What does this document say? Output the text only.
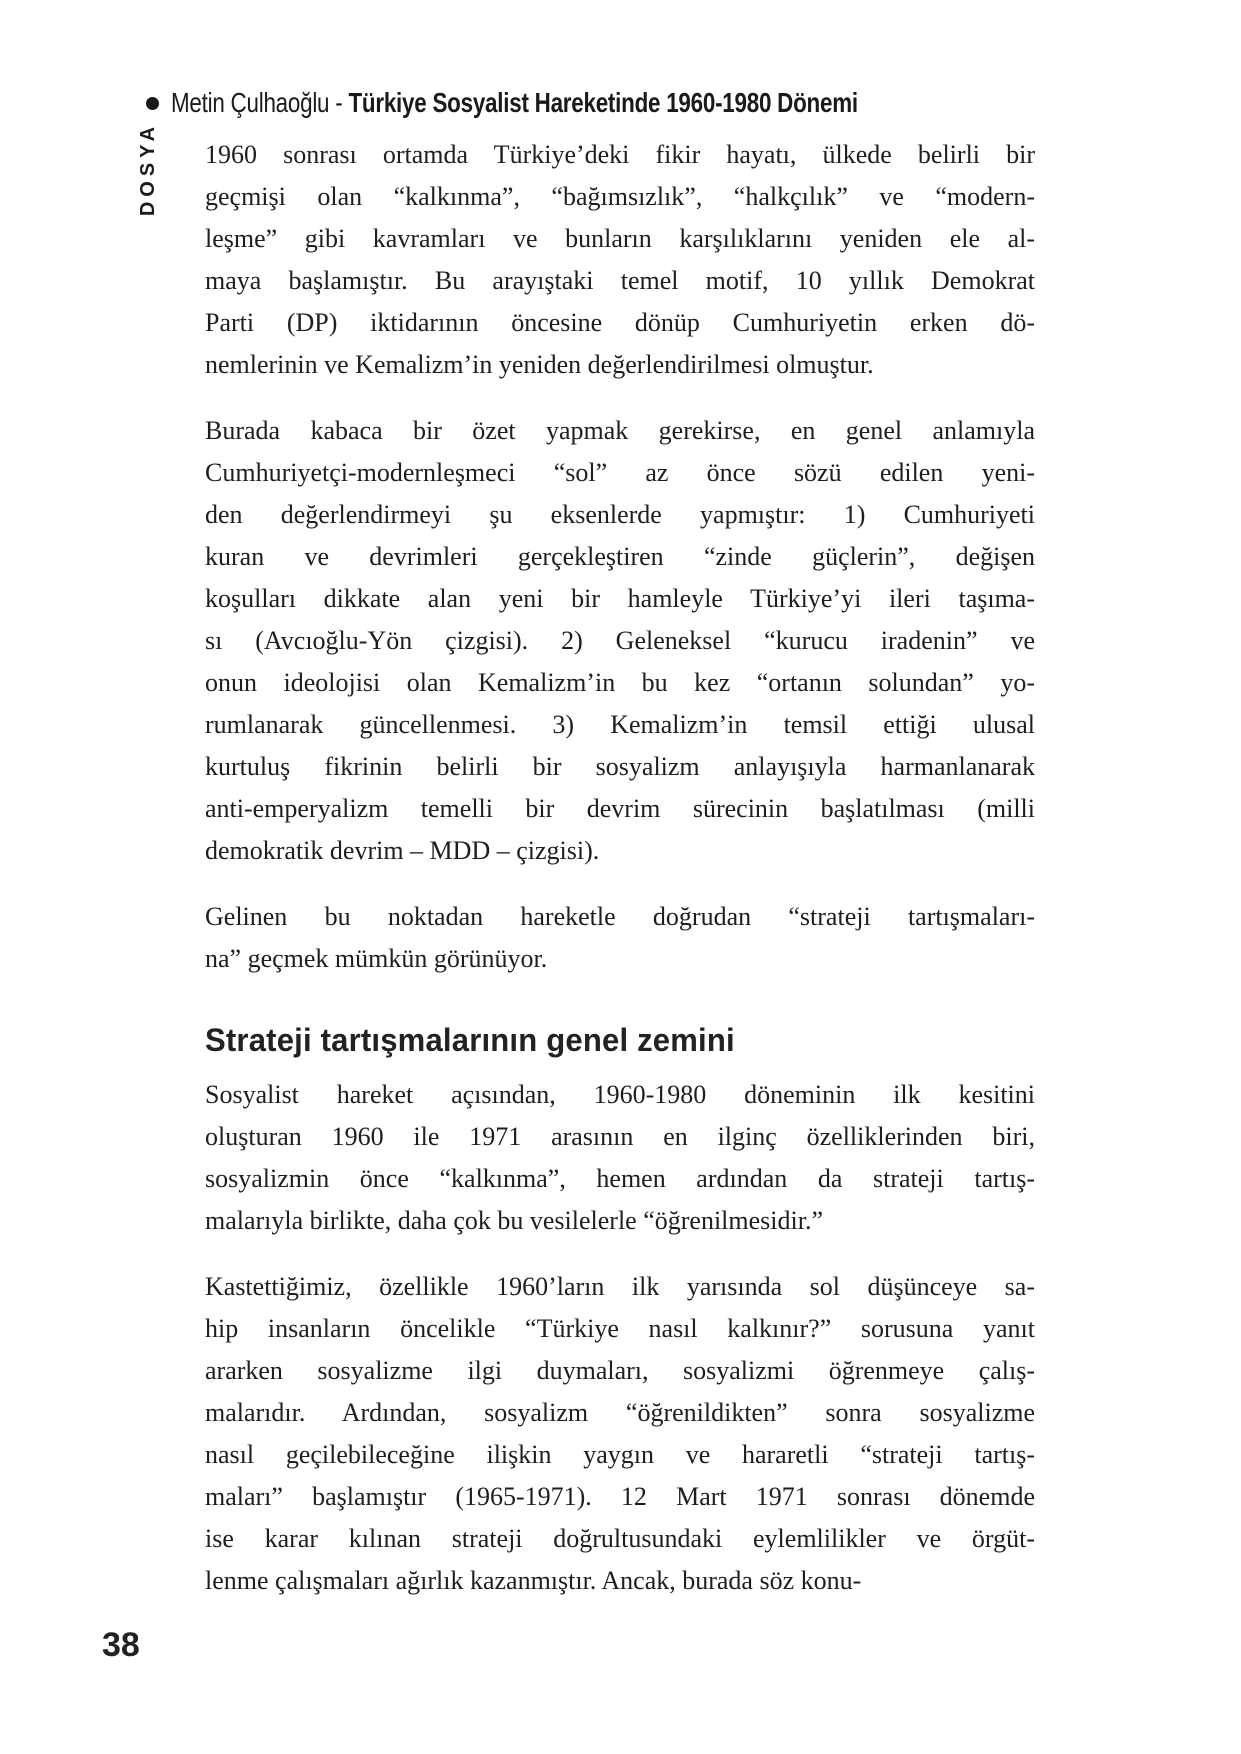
Metin Çulhaoğlu - Türkiye Sosyalist Hareketinde 1960-1980 Dönemi
DOSYA 1960 sonrası ortamda Türkiye’deki fikir hayatı, ülkede belirli bir
geçmişi olan “kalkınma”, “bağımsızlık”, “halkçılık” ve “modern-
leşme” gibi kavramları ve bunların karşılıklarını yeniden ele al-
maya başlamıştır. Bu arayıştaki temel motif, 10 yıllık Demokrat
Parti (DP) iktidarının öncesine dönüp Cumhuriyetin erken dö-
nemlerinin ve Kemalizm’in yeniden değerlendirilmesi olmuştur.
Burada kabaca bir özet yapmak gerekirse, en genel anlamıyla
Cumhuriyetçi-modernleşmeci “sol” az önce sözü edilen yeni-
den değerlendirmeyi şu eksenlerde yapmıştır: 1) Cumhuriyeti
kuran ve devrimleri gerçekleştiren “zinde güçlerin”, değişen
koşulları dikkate alan yeni bir hamleyle Türkiye’yi ileri taşıma-
sı (Avcıoğlu-Yön çizgisi). 2) Geleneksel “kurucu iradenin” ve
onun ideolojisi olan Kemalizm’in bu kez “ortanın solundan” yo-
rumlanarak güncellenmesi. 3) Kemalizm’in temsil ettiği ulusal
kurtuluş fikrinin belirli bir sosyalizm anlayışıyla harmanlanarak
anti-emperyalizm temelli bir devrim sürecinin başlatılması (milli
demokratik devrim – MDD – çizgisi).
Gelinen bu noktadan hareketle doğrudan “strateji tartışmaları-
na” geçmek mümkün görünüyor.
Strateji tartışmalarının genel zemini
Sosyalist hareket açısından, 1960-1980 döneminin ilk kesitini
oluşturan 1960 ile 1971 arasının en ilginç özelliklerinden biri,
sosyalizmin önce “kalkınma”, hemen ardından da strateji tartış-
malarıyla birlikte, daha çok bu vesilelerle “öğrenilmesidir.”
Kastettiğimiz, özellikle 1960’ların ilk yarısında sol düşünceye sa-
hip insanların öncelikle “Türkiye nasıl kalkınır?” sorusuna yanıt
ararken sosyalizme ilgi duymaları, sosyalizmi öğrenmeye çalış-
malarıdır. Ardından, sosyalizm “öğrenildikten” sonra sosyalizme
nasıl geçilebileceğine ilişkin yaygın ve hararetli “strateji tartış-
maları” başlamıştır (1965-1971). 12 Mart 1971 sonrası dönemde
ise karar kılınan strateji doğrultusundaki eylemlilikler ve örgüt-
lenme çalışmaları ağırlık kazanmıştır. Ancak, burada söz konu-
38
